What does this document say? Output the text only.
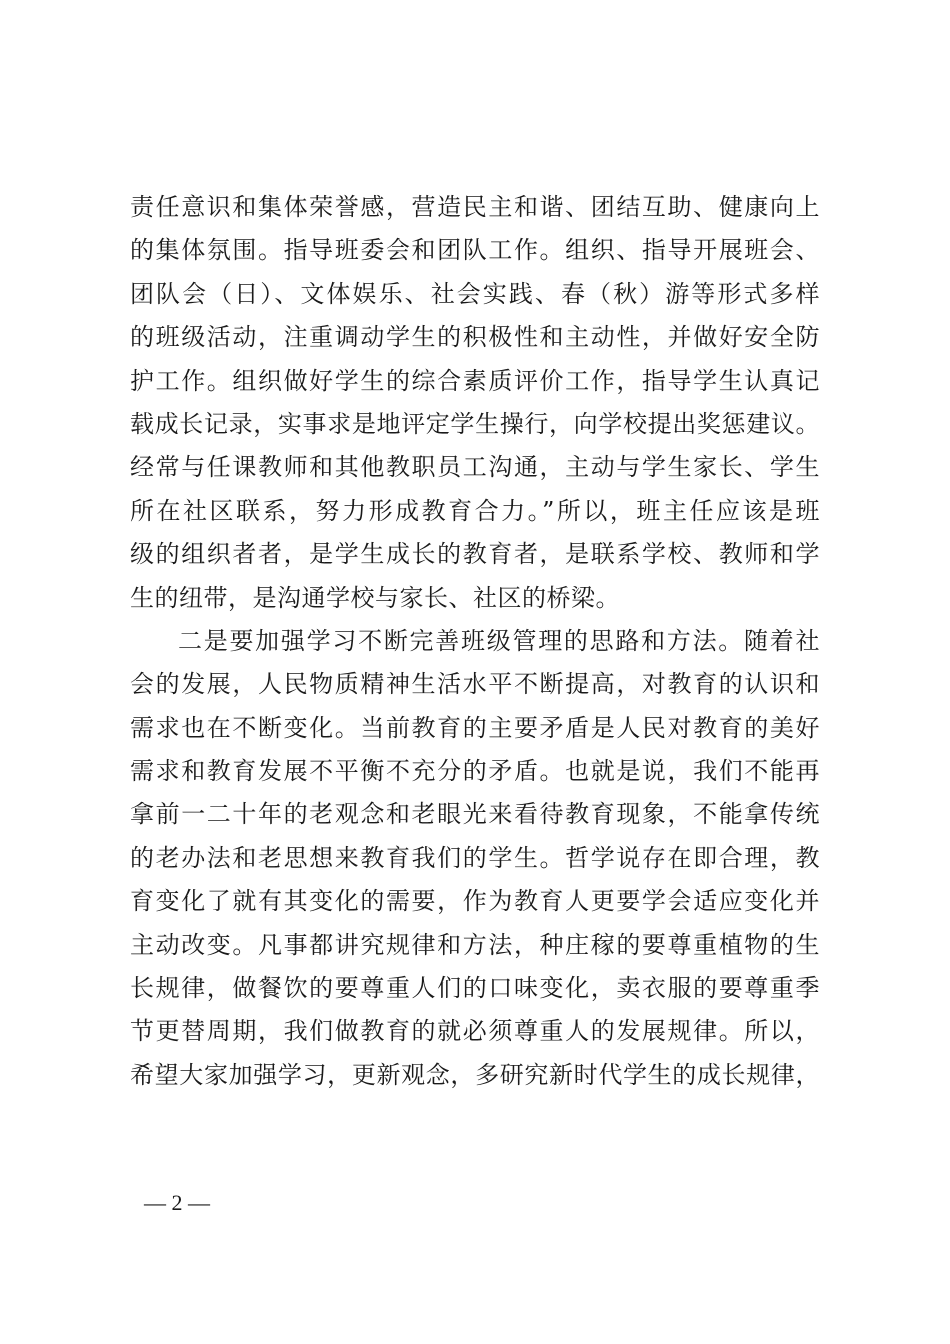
责任意识和集体荣誉感，营造民主和谐、团结互助、健康向上
的集体氛围。指导班委会和团队工作。组织、指导开展班会、
团队会（日）、文体娱乐、社会实践、春（秋）游等形式多样
的班级活动，注重调动学生的积极性和主动性，并做好安全防
护工作。组织做好学生的综合素质评价工作，指导学生认真记
载成长记录，实事求是地评定学生操行，向学校提出奖惩建议。
经常与任课教师和其他教职员工沟通，主动与学生家长、学生
所在社区联系，努力形成教育合力。”所以，班主任应该是班
级的组织者者，是学生成长的教育者，是联系学校、教师和学
生的纽带，是沟通学校与家长、社区的桥梁。
二是要加强学习不断完善班级管理的思路和方法。随着社
会的发展，人民物质精神生活水平不断提高，对教育的认识和
需求也在不断变化。当前教育的主要矛盾是人民对教育的美好
需求和教育发展不平衡不充分的矛盾。也就是说，我们不能再
拿前一二十年的老观念和老眼光来看待教育现象，不能拿传统
的老办法和老思想来教育我们的学生。哲学说存在即合理，教
育变化了就有其变化的需要，作为教育人更要学会适应变化并
主动改变。凡事都讲究规律和方法，种庄稼的要尊重植物的生
长规律，做餐饮的要尊重人们的口味变化，卖衣服的要尊重季
节更替周期，我们做教育的就必须尊重人的发展规律。所以，
希望大家加强学习，更新观念，多研究新时代学生的成长规律，
— 2 —
